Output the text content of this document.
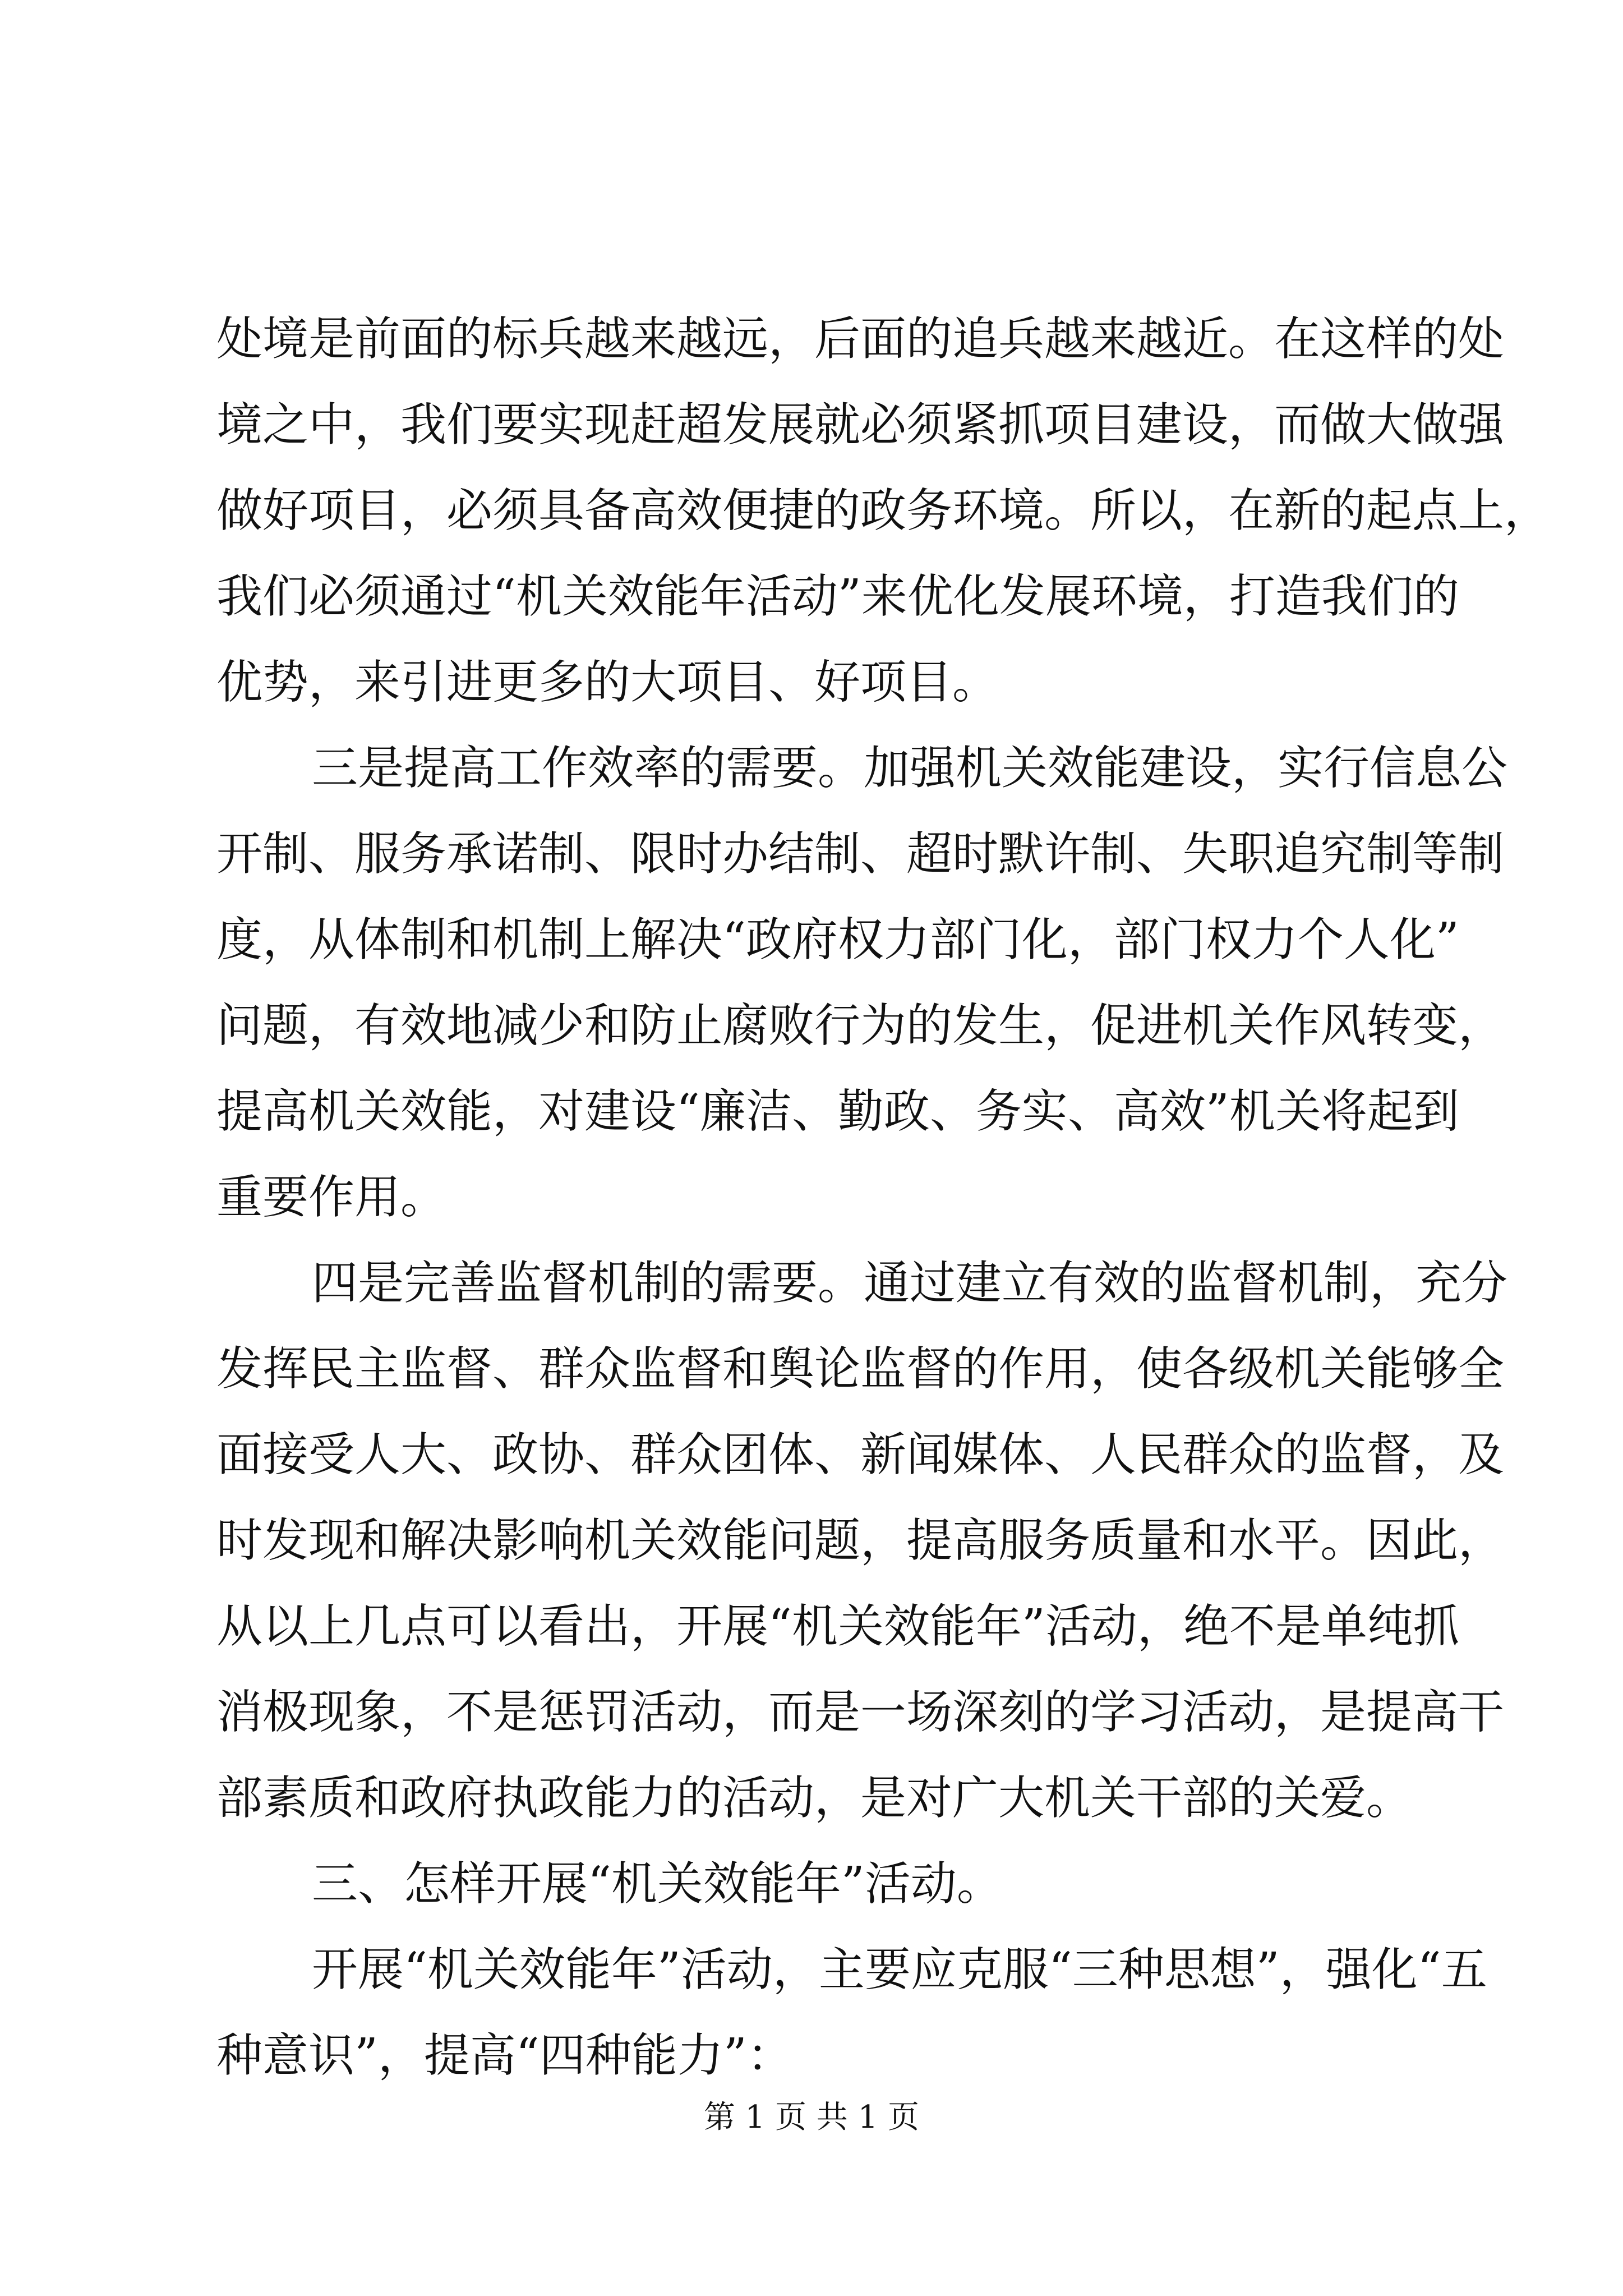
处境是前面的标兵越来越远，后面的追兵越来越近。在这样的处
境之中，我们要实现赶超发展就必须紧抓项目建设，而做大做强
做好项目，必须具备高效便捷的政务环境。所以，在新的起点上，
我们必须通过“机关效能年活动”来优化发展环境，打造我们的
优势，来引进更多的大项目、好项目。
三是提高工作效率的需要。加强机关效能建设，实行信息公
开制、服务承诺制、限时办结制、超时默许制、失职追究制等制
度，从体制和机制上解决“政府权力部门化，部门权力个人化”
问题，有效地减少和防止腐败行为的发生，促进机关作风转变，
提高机关效能，对建设“廉洁、勤政、务实、高效”机关将起到
重要作用。
四是完善监督机制的需要。通过建立有效的监督机制，充分
发挥民主监督、群众监督和舆论监督的作用，使各级机关能够全
面接受人大、政协、群众团体、新闻媒体、人民群众的监督，及
时发现和解决影响机关效能问题，提高服务质量和水平。因此，
从以上几点可以看出，开展“机关效能年”活动，绝不是单纯抓
消极现象，不是惩罚活动，而是一场深刻的学习活动，是提高干
部素质和政府执政能力的活动，是对广大机关干部的关爱。
三、怎样开展“机关效能年”活动。
开展“机关效能年”活动，主要应克服“三种思想”，强化“五
种意识”，提高“四种能力”：
第 1 页 共 1 页
